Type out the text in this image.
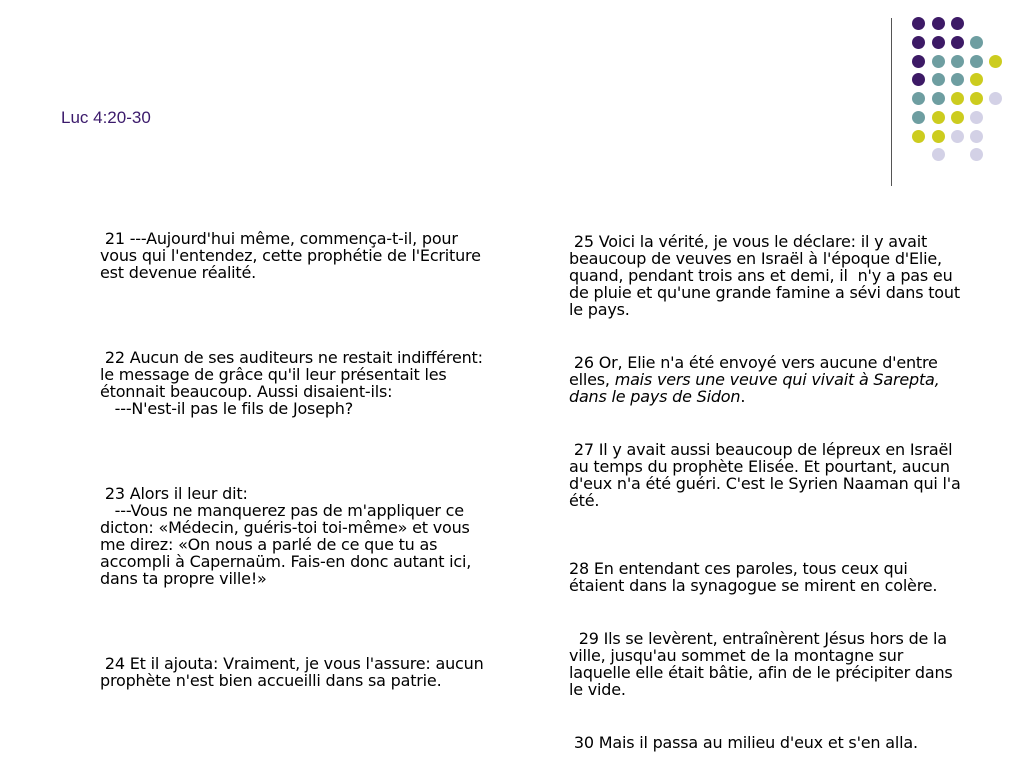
Luc 4:20-30

21 ---Aujourd'hui même, commença-t-il, pour vous qui l'entendez, cette prophétie de l'Ecriture est devenue réalité.

22 Aucun de ses auditeurs ne restait indifférent: le message de grâce qu'il leur présentait les étonnait beaucoup. Aussi disaient-ils:
---N'est-il pas le fils de Joseph?

23 Alors il leur dit:
---Vous ne manquerez pas de m'appliquer ce dicton: «Médecin, guéris-toi toi-même» et vous me direz: «On nous a parlé de ce que tu as accompli à Capernaüm. Fais-en donc autant ici, dans ta propre ville!»

24 Et il ajouta: Vraiment, je vous l'assure: aucun prophète n'est bien accueilli dans sa patrie.

25 Voici la vérité, je vous le déclare: il y avait beaucoup de veuves en Israël à l'époque d'Elie, quand, pendant trois ans et demi, il  n'y a pas eu de pluie et qu'une grande famine a sévi dans tout le pays.

26 Or, Elie n'a été envoyé vers aucune d'entre elles, mais vers une veuve qui vivait à Sarepta, dans le pays de Sidon.

27 Il y avait aussi beaucoup de lépreux en Israël au temps du prophète Elisée. Et pourtant, aucun d'eux n'a été guéri. C'est le Syrien Naaman qui l'a été.

28 En entendant ces paroles, tous ceux qui étaient dans la synagogue se mirent en colère.

29 Ils se levèrent, entraînèrent Jésus hors de la ville, jusqu'au sommet de la montagne sur laquelle elle était bâtie, afin de le précipiter dans le vide.

30 Mais il passa au milieu d'eux et s'en alla.
